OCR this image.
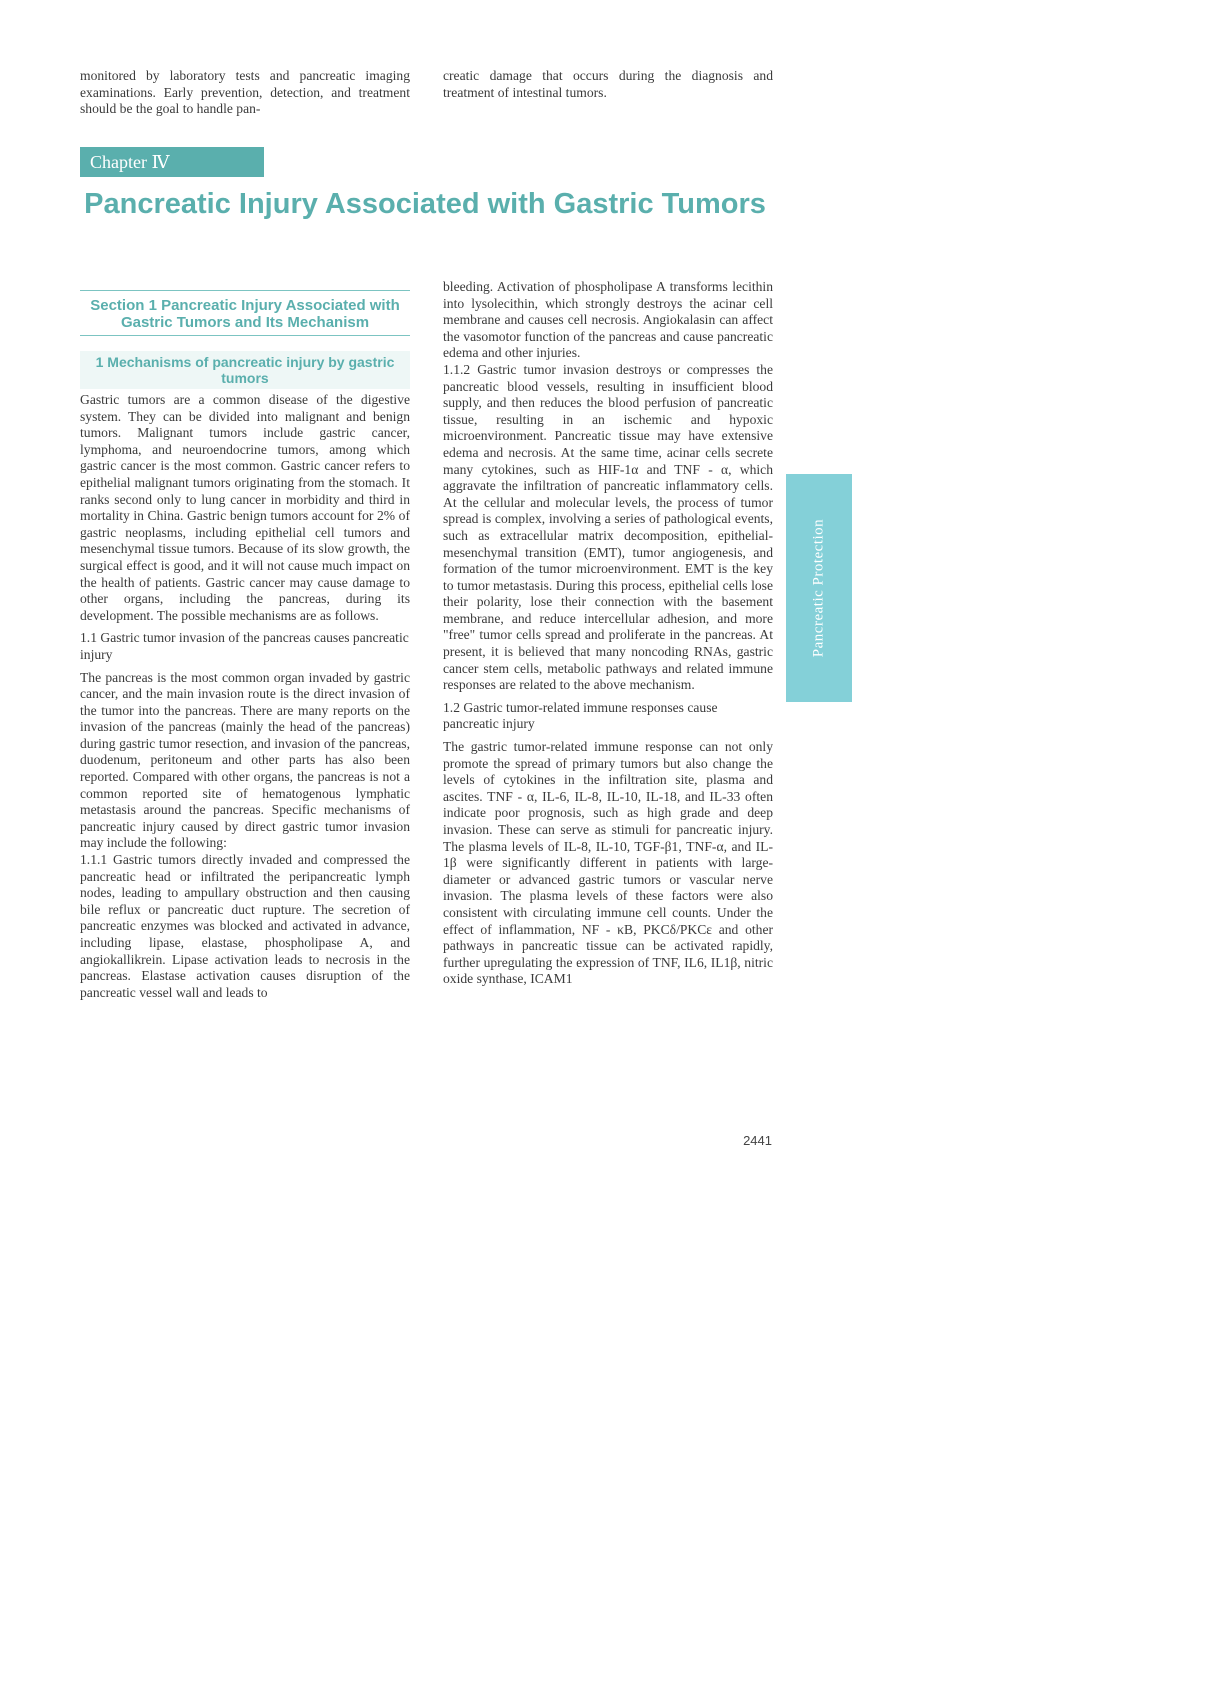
monitored by laboratory tests and pancreatic imaging examinations. Early prevention, detection, and treatment should be the goal to handle pan-

creatic damage that occurs during the diagnosis and treatment of intestinal tumors.

Chapter Ⅳ
Pancreatic Injury Associated with Gastric Tumors
Section 1 Pancreatic Injury Associated with Gastric Tumors and Its Mechanism
1 Mechanisms of pancreatic injury by gastric tumors

Gastric tumors are a common disease of the digestive system. They can be divided into malignant and benign tumors. Malignant tumors include gastric cancer, lymphoma, and neuroendocrine tumors, among which gastric cancer is the most common. Gastric cancer refers to epithelial malignant tumors originating from the stomach. It ranks second only to lung cancer in morbidity and third in mortality in China. Gastric benign tumors account for 2% of gastric neoplasms, including epithelial cell tumors and mesenchymal tissue tumors. Because of its slow growth, the surgical effect is good, and it will not cause much impact on the health of patients. Gastric cancer may cause damage to other organs, including the pancreas, during its development. The possible mechanisms are as follows.

1.1 Gastric tumor invasion of the pancreas causes pancreatic injury

The pancreas is the most common organ invaded by gastric cancer, and the main invasion route is the direct invasion of the tumor into the pancreas. There are many reports on the invasion of the pancreas (mainly the head of the pancreas) during gastric tumor resection, and invasion of the pancreas, duodenum, peritoneum and other parts has also been reported. Compared with other organs, the pancreas is not a common reported site of hematogenous lymphatic metastasis around the pancreas. Specific mechanisms of pancreatic injury caused by direct gastric tumor invasion may include the following:

1.1.1 Gastric tumors directly invaded and compressed the pancreatic head or infiltrated the peripancreatic lymph nodes, leading to ampullary obstruction and then causing bile reflux or pancreatic duct rupture. The secretion of pancreatic enzymes was blocked and activated in advance, including lipase, elastase, phospholipase A, and angiokallikrein. Lipase activation leads to necrosis in the pancreas. Elastase activation causes disruption of the pancreatic vessel wall and leads to

bleeding. Activation of phospholipase A transforms lecithin into lysolecithin, which strongly destroys the acinar cell membrane and causes cell necrosis. Angiokalasin can affect the vasomotor function of the pancreas and cause pancreatic edema and other injuries.

1.1.2 Gastric tumor invasion destroys or compresses the pancreatic blood vessels, resulting in insufficient blood supply, and then reduces the blood perfusion of pancreatic tissue, resulting in an ischemic and hypoxic microenvironment. Pancreatic tissue may have extensive edema and necrosis. At the same time, acinar cells secrete many cytokines, such as HIF-1α and TNF - α, which aggravate the infiltration of pancreatic inflammatory cells. At the cellular and molecular levels, the process of tumor spread is complex, involving a series of pathological events, such as extracellular matrix decomposition, epithelial-mesenchymal transition (EMT), tumor angiogenesis, and formation of the tumor microenvironment. EMT is the key to tumor metastasis. During this process, epithelial cells lose their polarity, lose their connection with the basement membrane, and reduce intercellular adhesion, and more "free" tumor cells spread and proliferate in the pancreas. At present, it is believed that many noncoding RNAs, gastric cancer stem cells, metabolic pathways and related immune responses are related to the above mechanism.

1.2 Gastric tumor-related immune responses cause pancreatic injury

The gastric tumor-related immune response can not only promote the spread of primary tumors but also change the levels of cytokines in the infiltration site, plasma and ascites. TNF - α, IL-6, IL-8, IL-10, IL-18, and IL-33 often indicate poor prognosis, such as high grade and deep invasion. These can serve as stimuli for pancreatic injury. The plasma levels of IL-8, IL-10, TGF-β1, TNF-α, and IL-1β were significantly different in patients with large-diameter or advanced gastric tumors or vascular nerve invasion. The plasma levels of these factors were also consistent with circulating immune cell counts. Under the effect of inflammation, NF - κB, PKCδ/PKCε and other pathways in pancreatic tissue can be activated rapidly, further upregulating the expression of TNF, IL6, IL1β, nitric oxide synthase, ICAM1

Pancreatic Protection
2441
